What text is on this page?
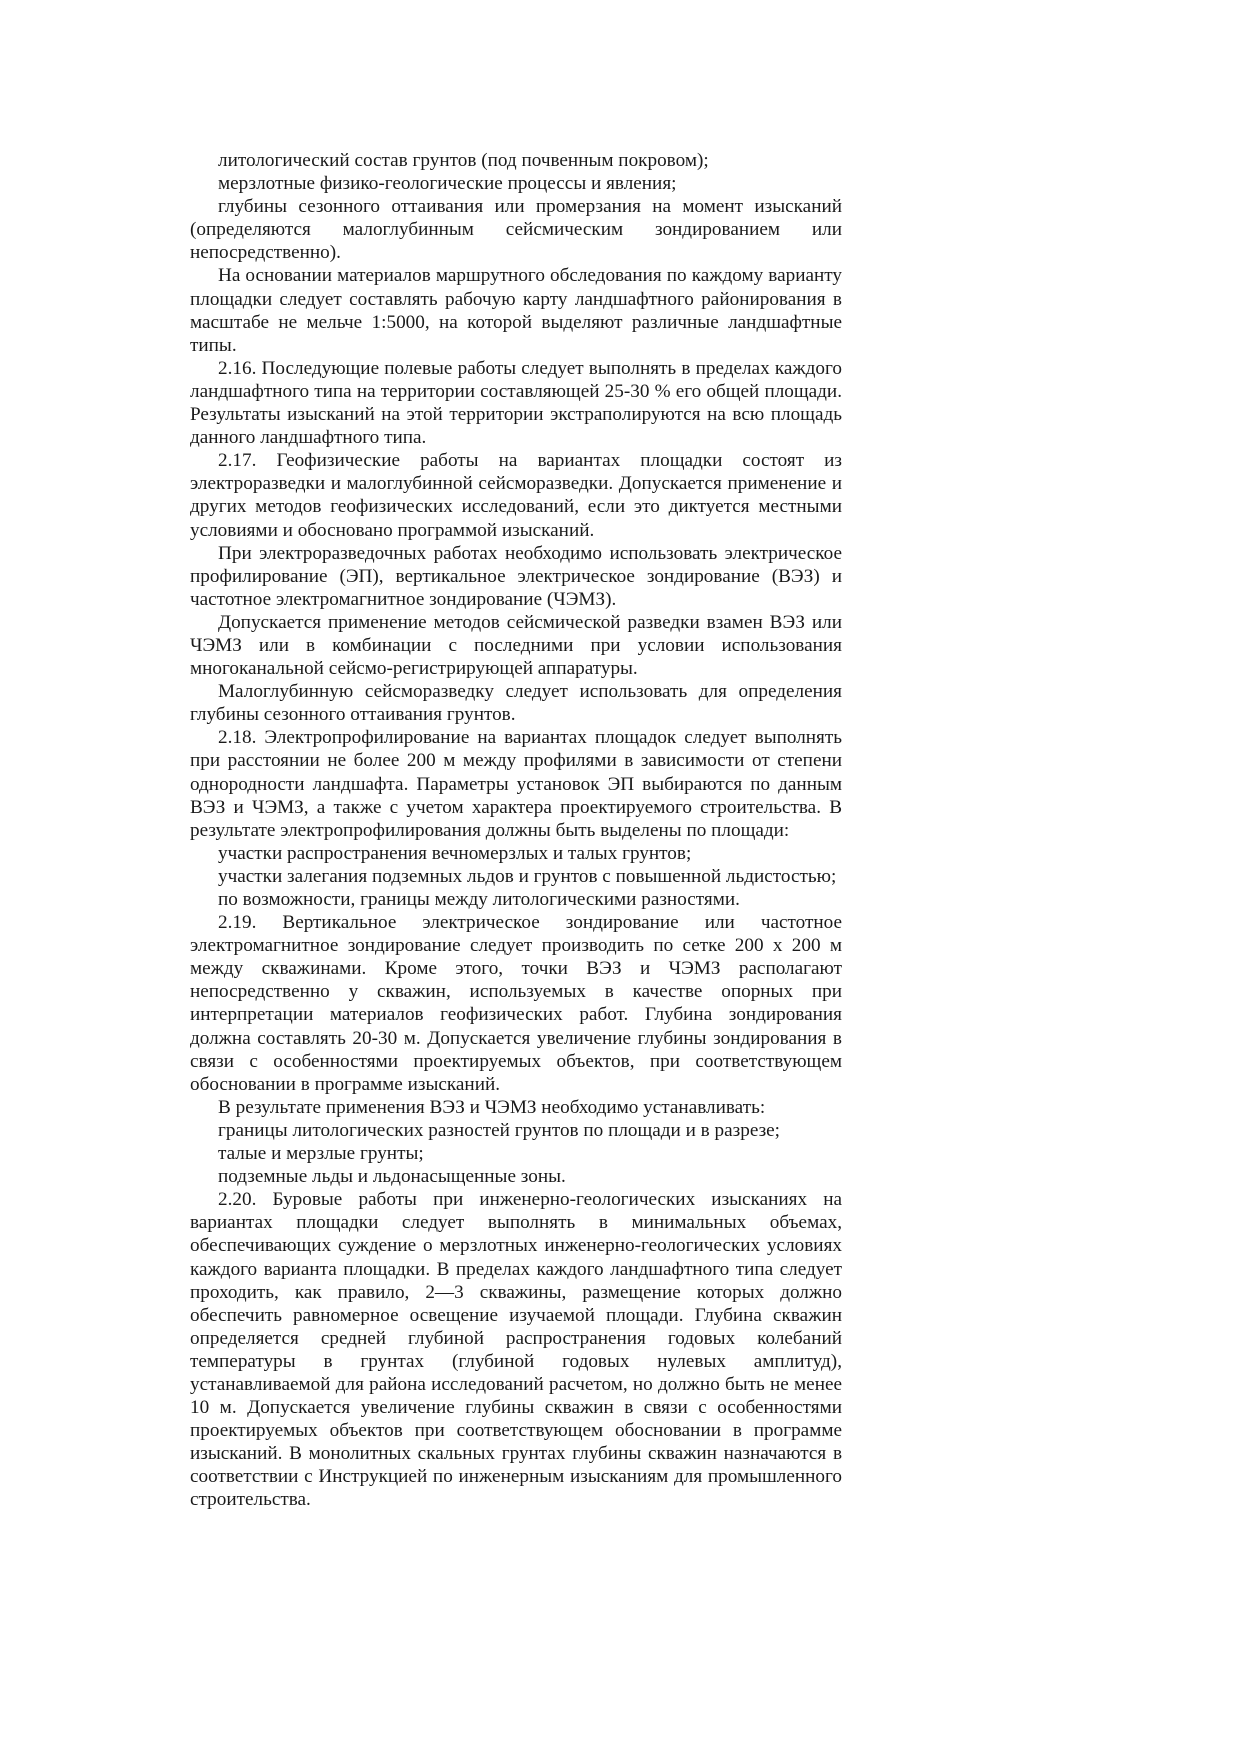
литологический состав грунтов (под почвенным покровом);

мерзлотные физико-геологические процессы и явления;

глубины сезонного оттаивания или промерзания на момент изысканий (определяются малоглубинным сейсмическим зондированием или непосредственно).

На основании материалов маршрутного обследования по каждому варианту площадки следует составлять рабочую карту ландшафтного районирования в масштабе не мельче 1:5000, на которой выделяют различные ландшафтные типы.

2.16. Последующие полевые работы следует выполнять в пределах каждого ландшафтного типа на территории составляющей 25-30 % его общей площади. Результаты изысканий на этой территории экстраполируются на всю площадь данного ландшафтного типа.

2.17. Геофизические работы на вариантах площадки состоят из электроразведки и малоглубинной сейсморазведки. Допускается применение и других методов геофизических исследований, если это диктуется местными условиями и обосновано программой изысканий.

При электроразведочных работах необходимо использовать электрическое профилирование (ЭП), вертикальное электрическое зондирование (ВЭЗ) и частотное электромагнитное зондирование (ЧЭМЗ).

Допускается применение методов сейсмической разведки взамен ВЭЗ или ЧЭМЗ или в комбинации с последними при условии использования многоканальной сейсмо-регистрирующей аппаратуры.

Малоглубинную сейсморазведку следует использовать для определения глубины сезонного оттаивания грунтов.

2.18. Электропрофилирование на вариантах площадок следует выполнять при расстоянии не более 200 м между профилями в зависимости от степени однородности ландшафта. Параметры установок ЭП выбираются по данным ВЭЗ и ЧЭМЗ, а также с учетом характера проектируемого строительства. В результате электропрофилирования должны быть выделены по площади:

участки распространения вечномерзлых и талых грунтов;

участки залегания подземных льдов и грунтов с повышенной льдистостью;

по возможности, границы между литологическими разностями.

2.19. Вертикальное электрическое зондирование или частотное электромагнитное зондирование следует производить по сетке 200 х 200 м между скважинами. Кроме этого, точки ВЭЗ и ЧЭМЗ располагают непосредственно у скважин, используемых в качестве опорных при интерпретации материалов геофизических работ. Глубина зондирования должна составлять 20-30 м. Допускается увеличение глубины зондирования в связи с особенностями проектируемых объектов, при соответствующем обосновании в программе изысканий.

В результате применения ВЭЗ и ЧЭМЗ необходимо устанавливать:

границы литологических разностей грунтов по площади и в разрезе;

талые и мерзлые грунты;

подземные льды и льдонасыщенные зоны.

2.20. Буровые работы при инженерно-геологических изысканиях на вариантах площадки следует выполнять в минимальных объемах, обеспечивающих суждение о мерзлотных инженерно-геологических условиях каждого варианта площадки. В пределах каждого ландшафтного типа следует проходить, как правило, 2—3 скважины, размещение которых должно обеспечить равномерное освещение изучаемой площади. Глубина скважин определяется средней глубиной распространения годовых колебаний температуры в грунтах (глубиной годовых нулевых амплитуд), устанавливаемой для района исследований расчетом, но должно быть не менее 10 м. Допускается увеличение глубины скважин в связи с особенностями проектируемых объектов при соответствующем обосновании в программе изысканий. В монолитных скальных грунтах глубины скважин назначаются в соответствии с Инструкцией по инженерным изысканиям для промышленного строительства.
